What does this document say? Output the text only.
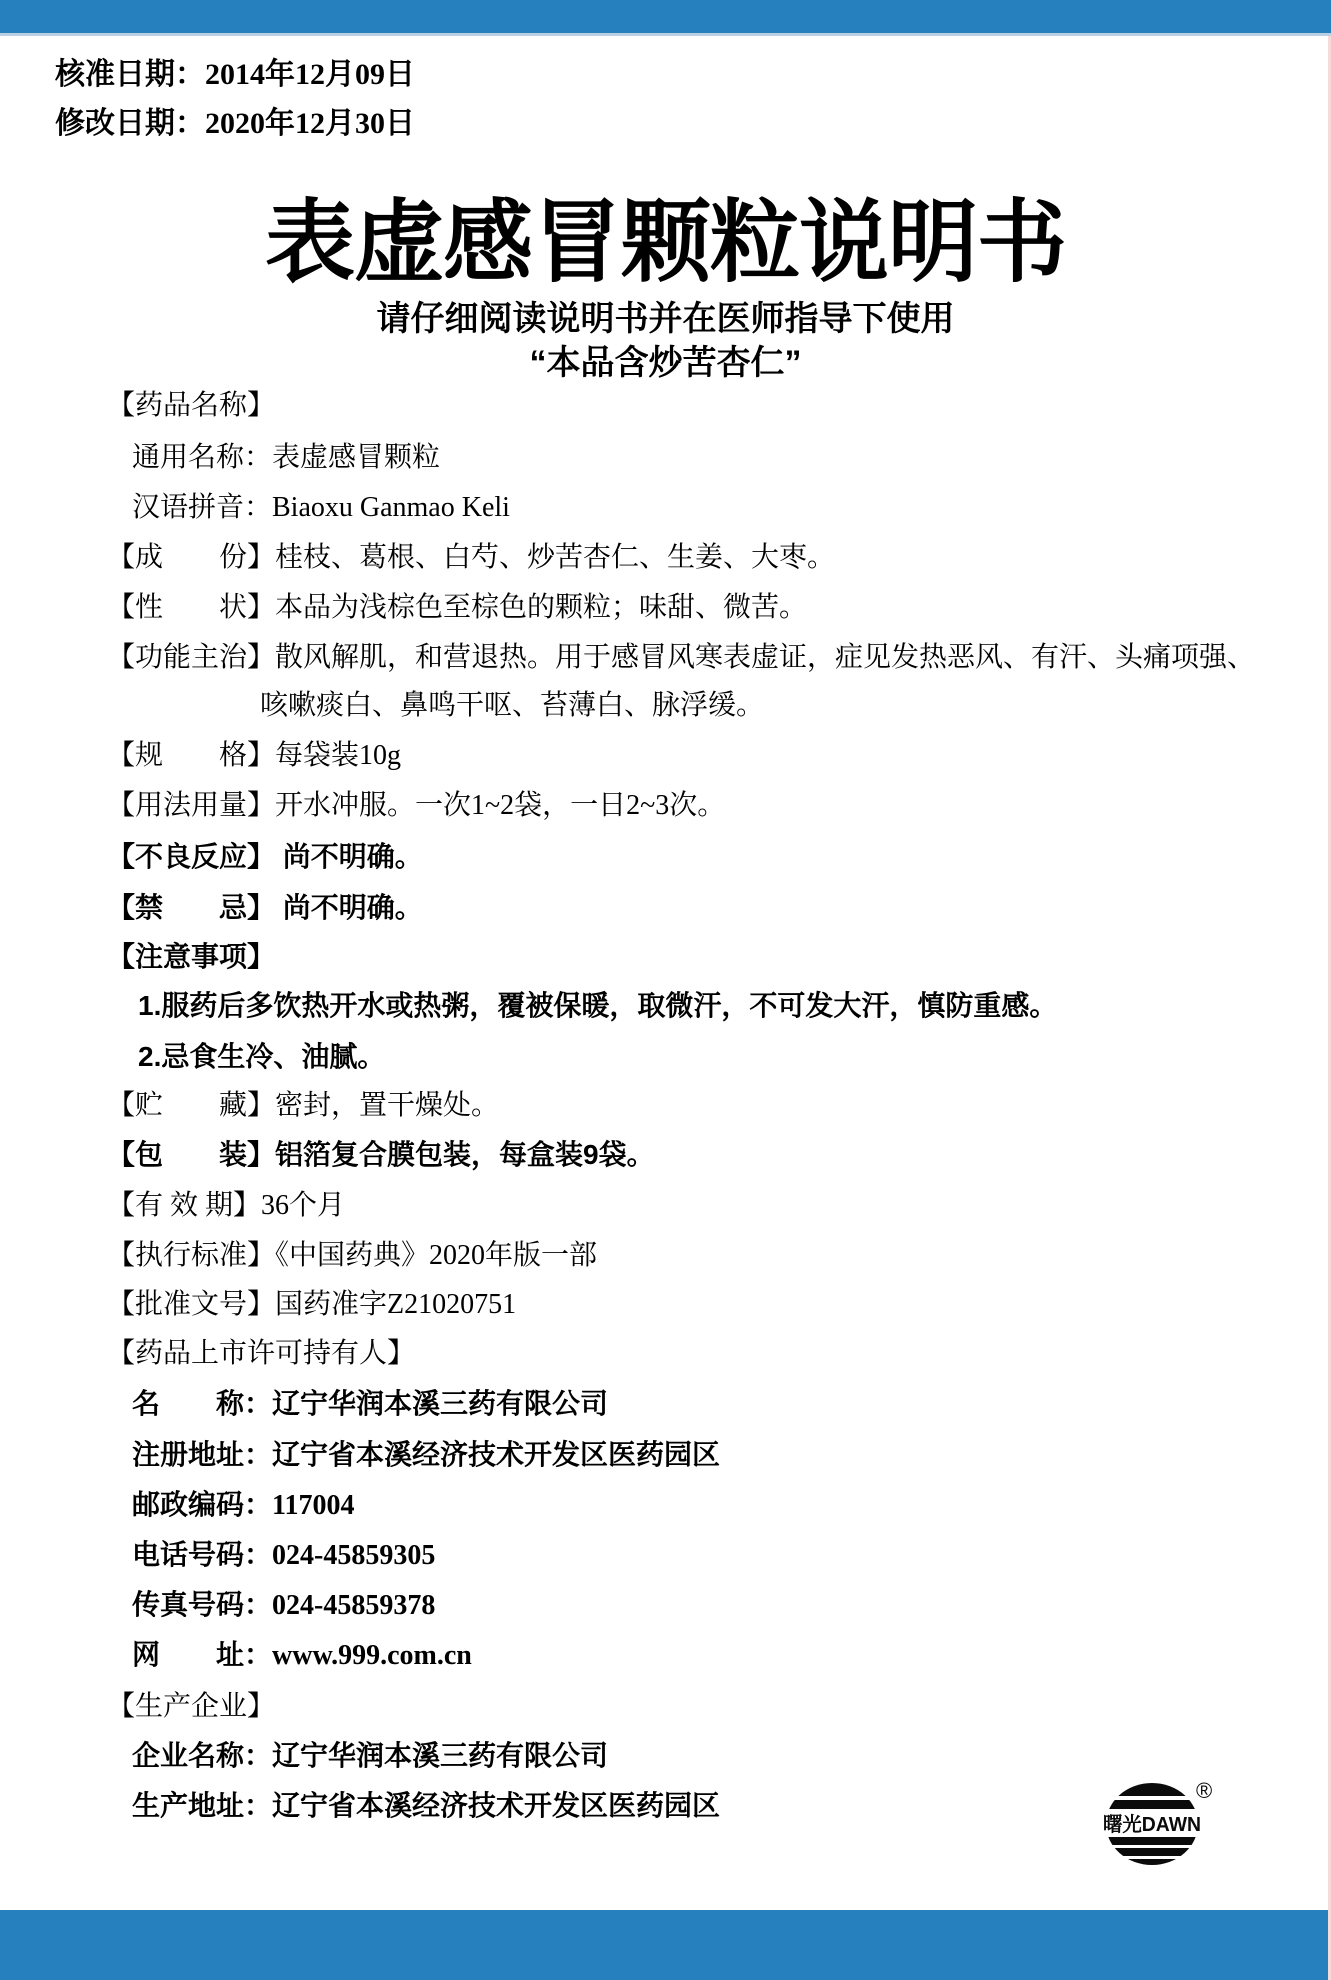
核准日期：2014年12月09日
修改日期：2020年12月30日
表虚感冒颗粒说明书
请仔细阅读说明书并在医师指导下使用
“本品含炒苦杏仁”
【药品名称】
通用名称：表虚感冒颗粒
汉语拼音：Biaoxu Ganmao Keli
【成　　份】桂枝、葛根、白芍、炒苦杏仁、生姜、大枣。
【性　　状】本品为浅棕色至棕色的颗粒；味甜、微苦。
【功能主治】散风解肌，和营退热。用于感冒风寒表虚证，症见发热恶风、有汗、头痛项强、
咳嗽痰白、鼻鸣干呕、苔薄白、脉浮缓。
【规　　格】每袋装10g
【用法用量】开水冲服。一次1~2袋，一日2~3次。
【不良反应】 尚不明确。
【禁　　忌】 尚不明确。
【注意事项】
1.服药后多饮热开水或热粥，覆被保暖，取微汗，不可发大汗，慎防重感。
2.忌食生冷、油腻。
【贮　　藏】密封，置干燥处。
【包　　装】铝箔复合膜包装，每盒装9袋。
【有 效 期】36个月
【执行标准】《中国药典》2020年版一部
【批准文号】国药准字Z21020751
【药品上市许可持有人】
名　　称：辽宁华润本溪三药有限公司
注册地址：辽宁省本溪经济技术开发区医药园区
邮政编码：117004
电话号码：024-45859305
传真号码：024-45859378
网　　址：www.999.com.cn
【生产企业】
企业名称：辽宁华润本溪三药有限公司
生产地址：辽宁省本溪经济技术开发区医药园区
曙光DAWN
®
